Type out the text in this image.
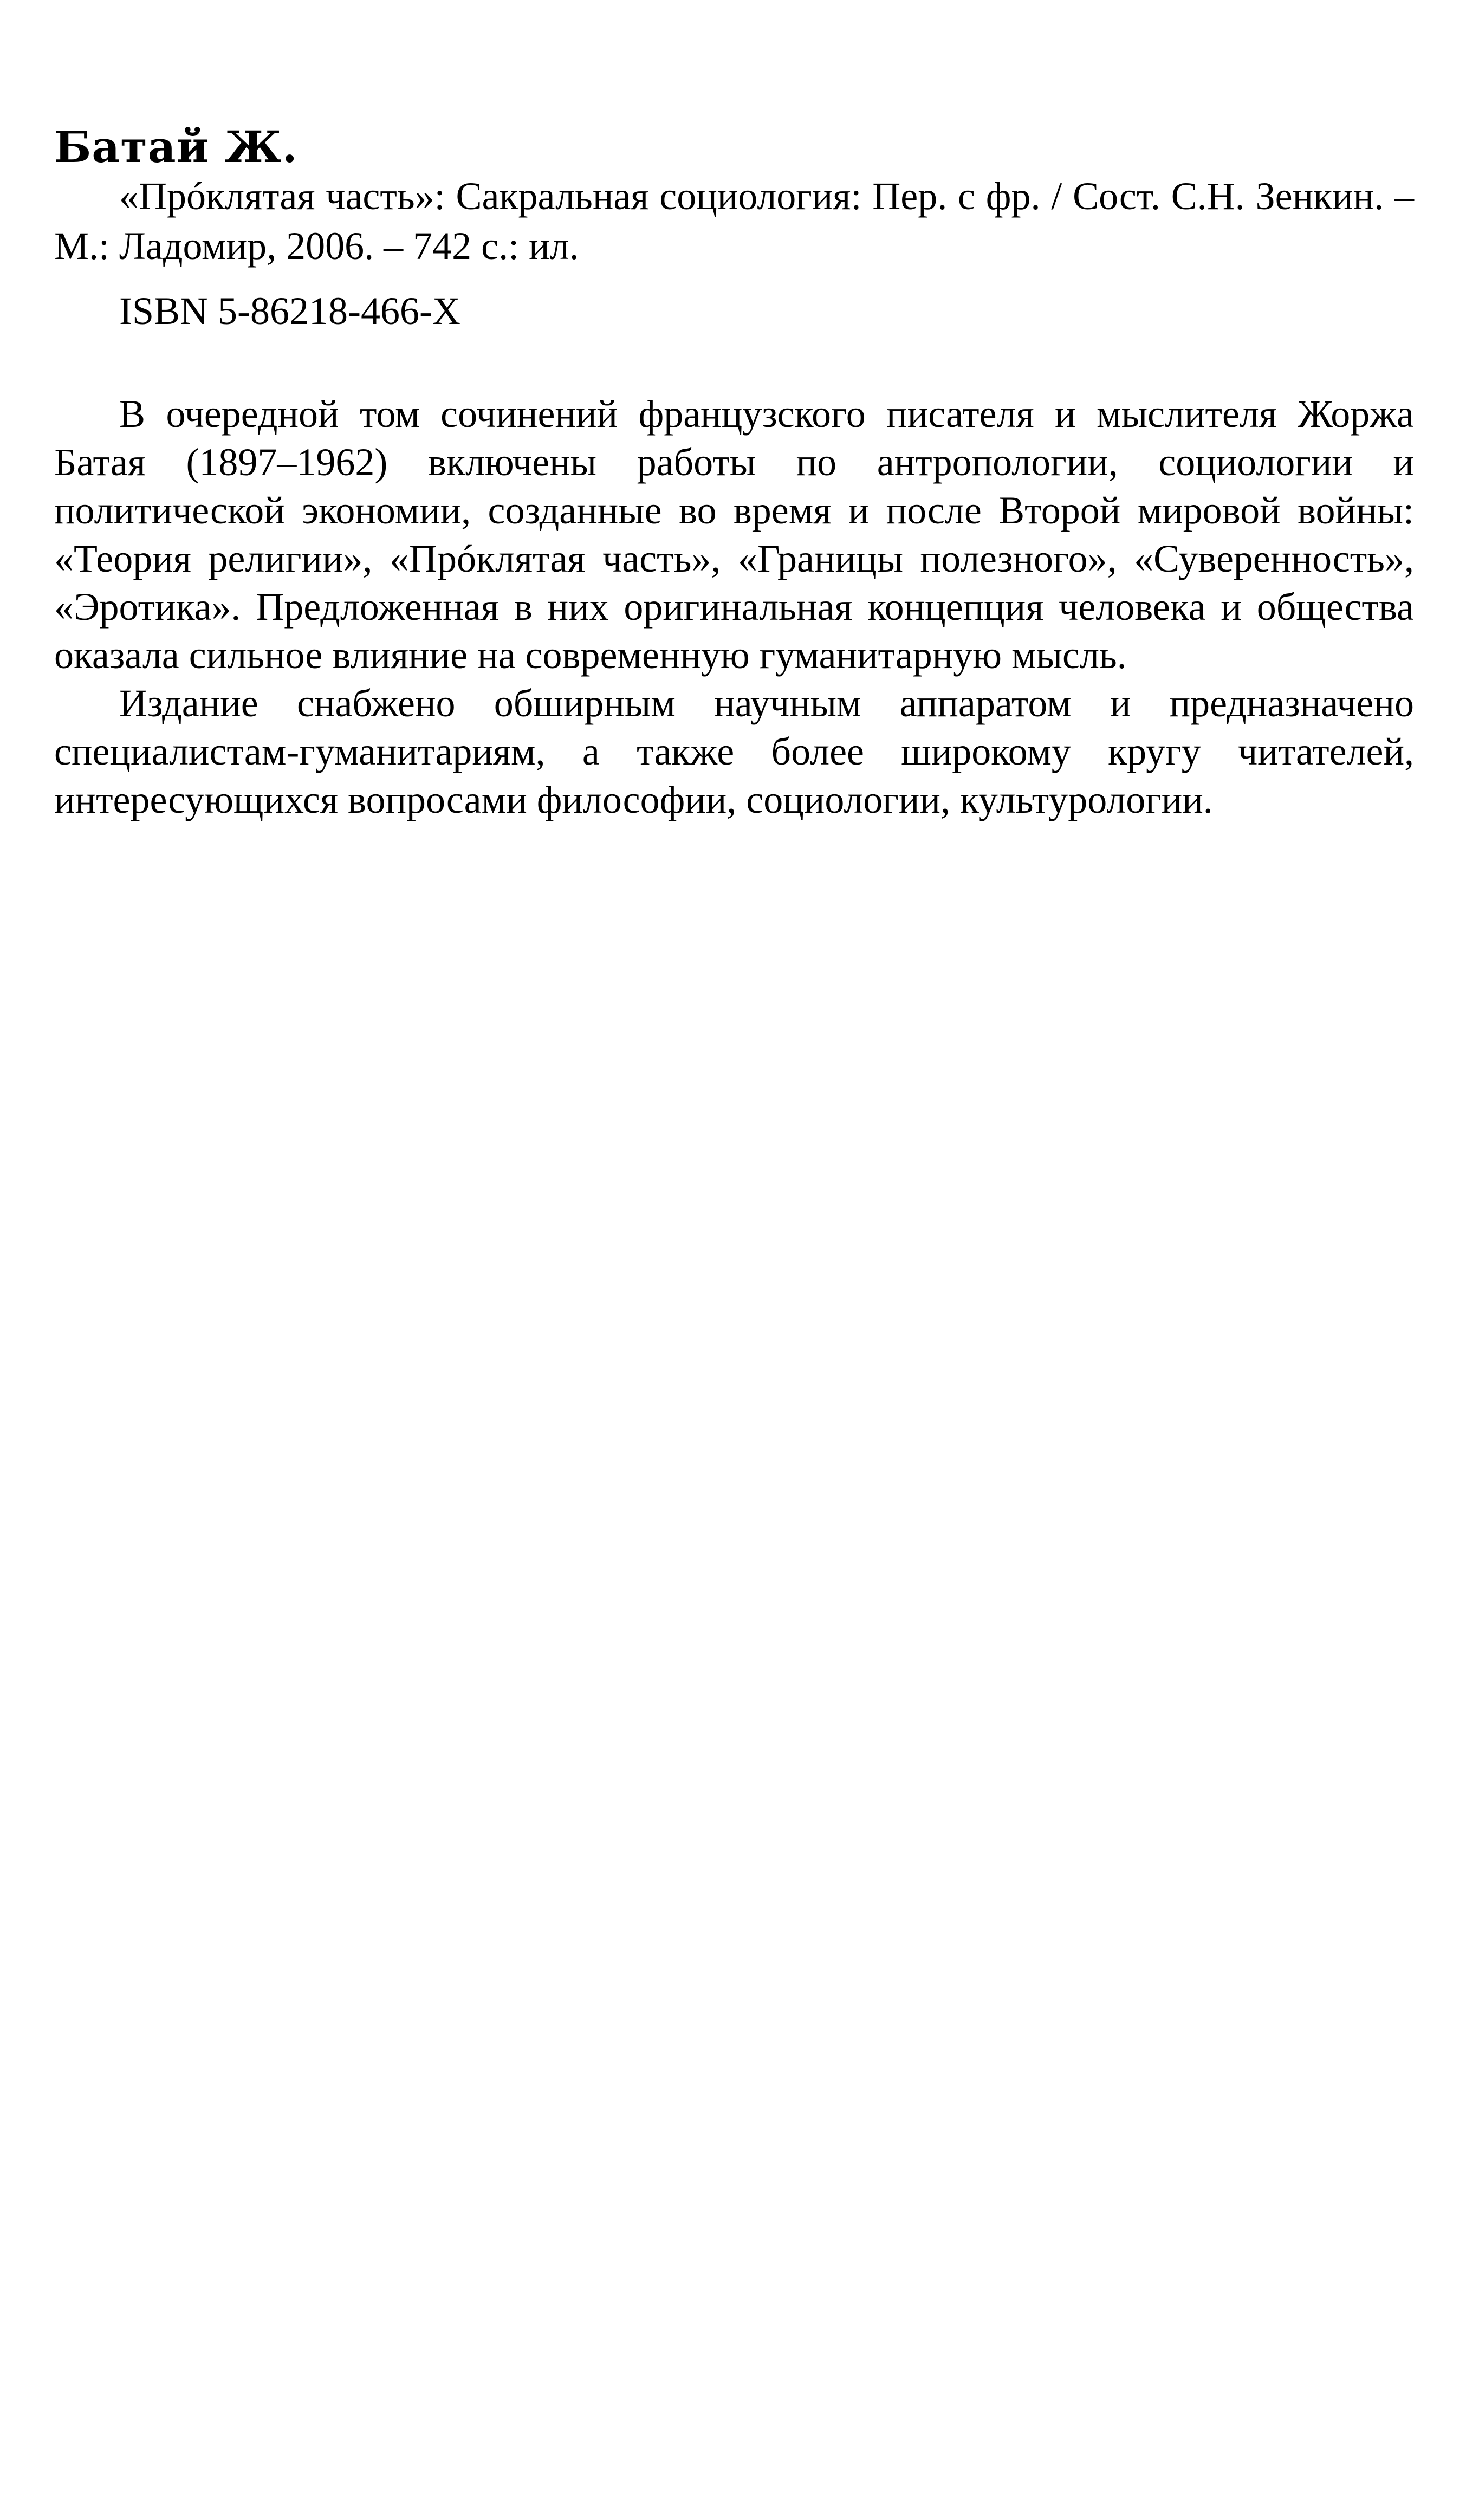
Батай Ж.
«Прóклятая часть»: Сакральная социология: Пер. с фр. / Сост. С.Н. Зенкин. – М.: Ладомир, 2006. – 742 с.: ил.
ISBN 5-86218-466-X

В очередной том сочинений французского писателя и мыслителя Жоржа Батая (1897–1962) включены работы по антропологии, социологии и политической экономии, созданные во время и после Второй мировой войны: «Теория религии», «Прóклятая часть», «Границы полезного», «Суверенность», «Эротика». Предложенная в них оригинальная концепция человека и общества оказала сильное влияние на современную гуманитарную мысль.

Издание снабжено обширным научным аппаратом и предназначено специалистам-гуманитариям, а также более широкому кругу читателей, интересующихся вопросами философии, социологии, культурологии.
